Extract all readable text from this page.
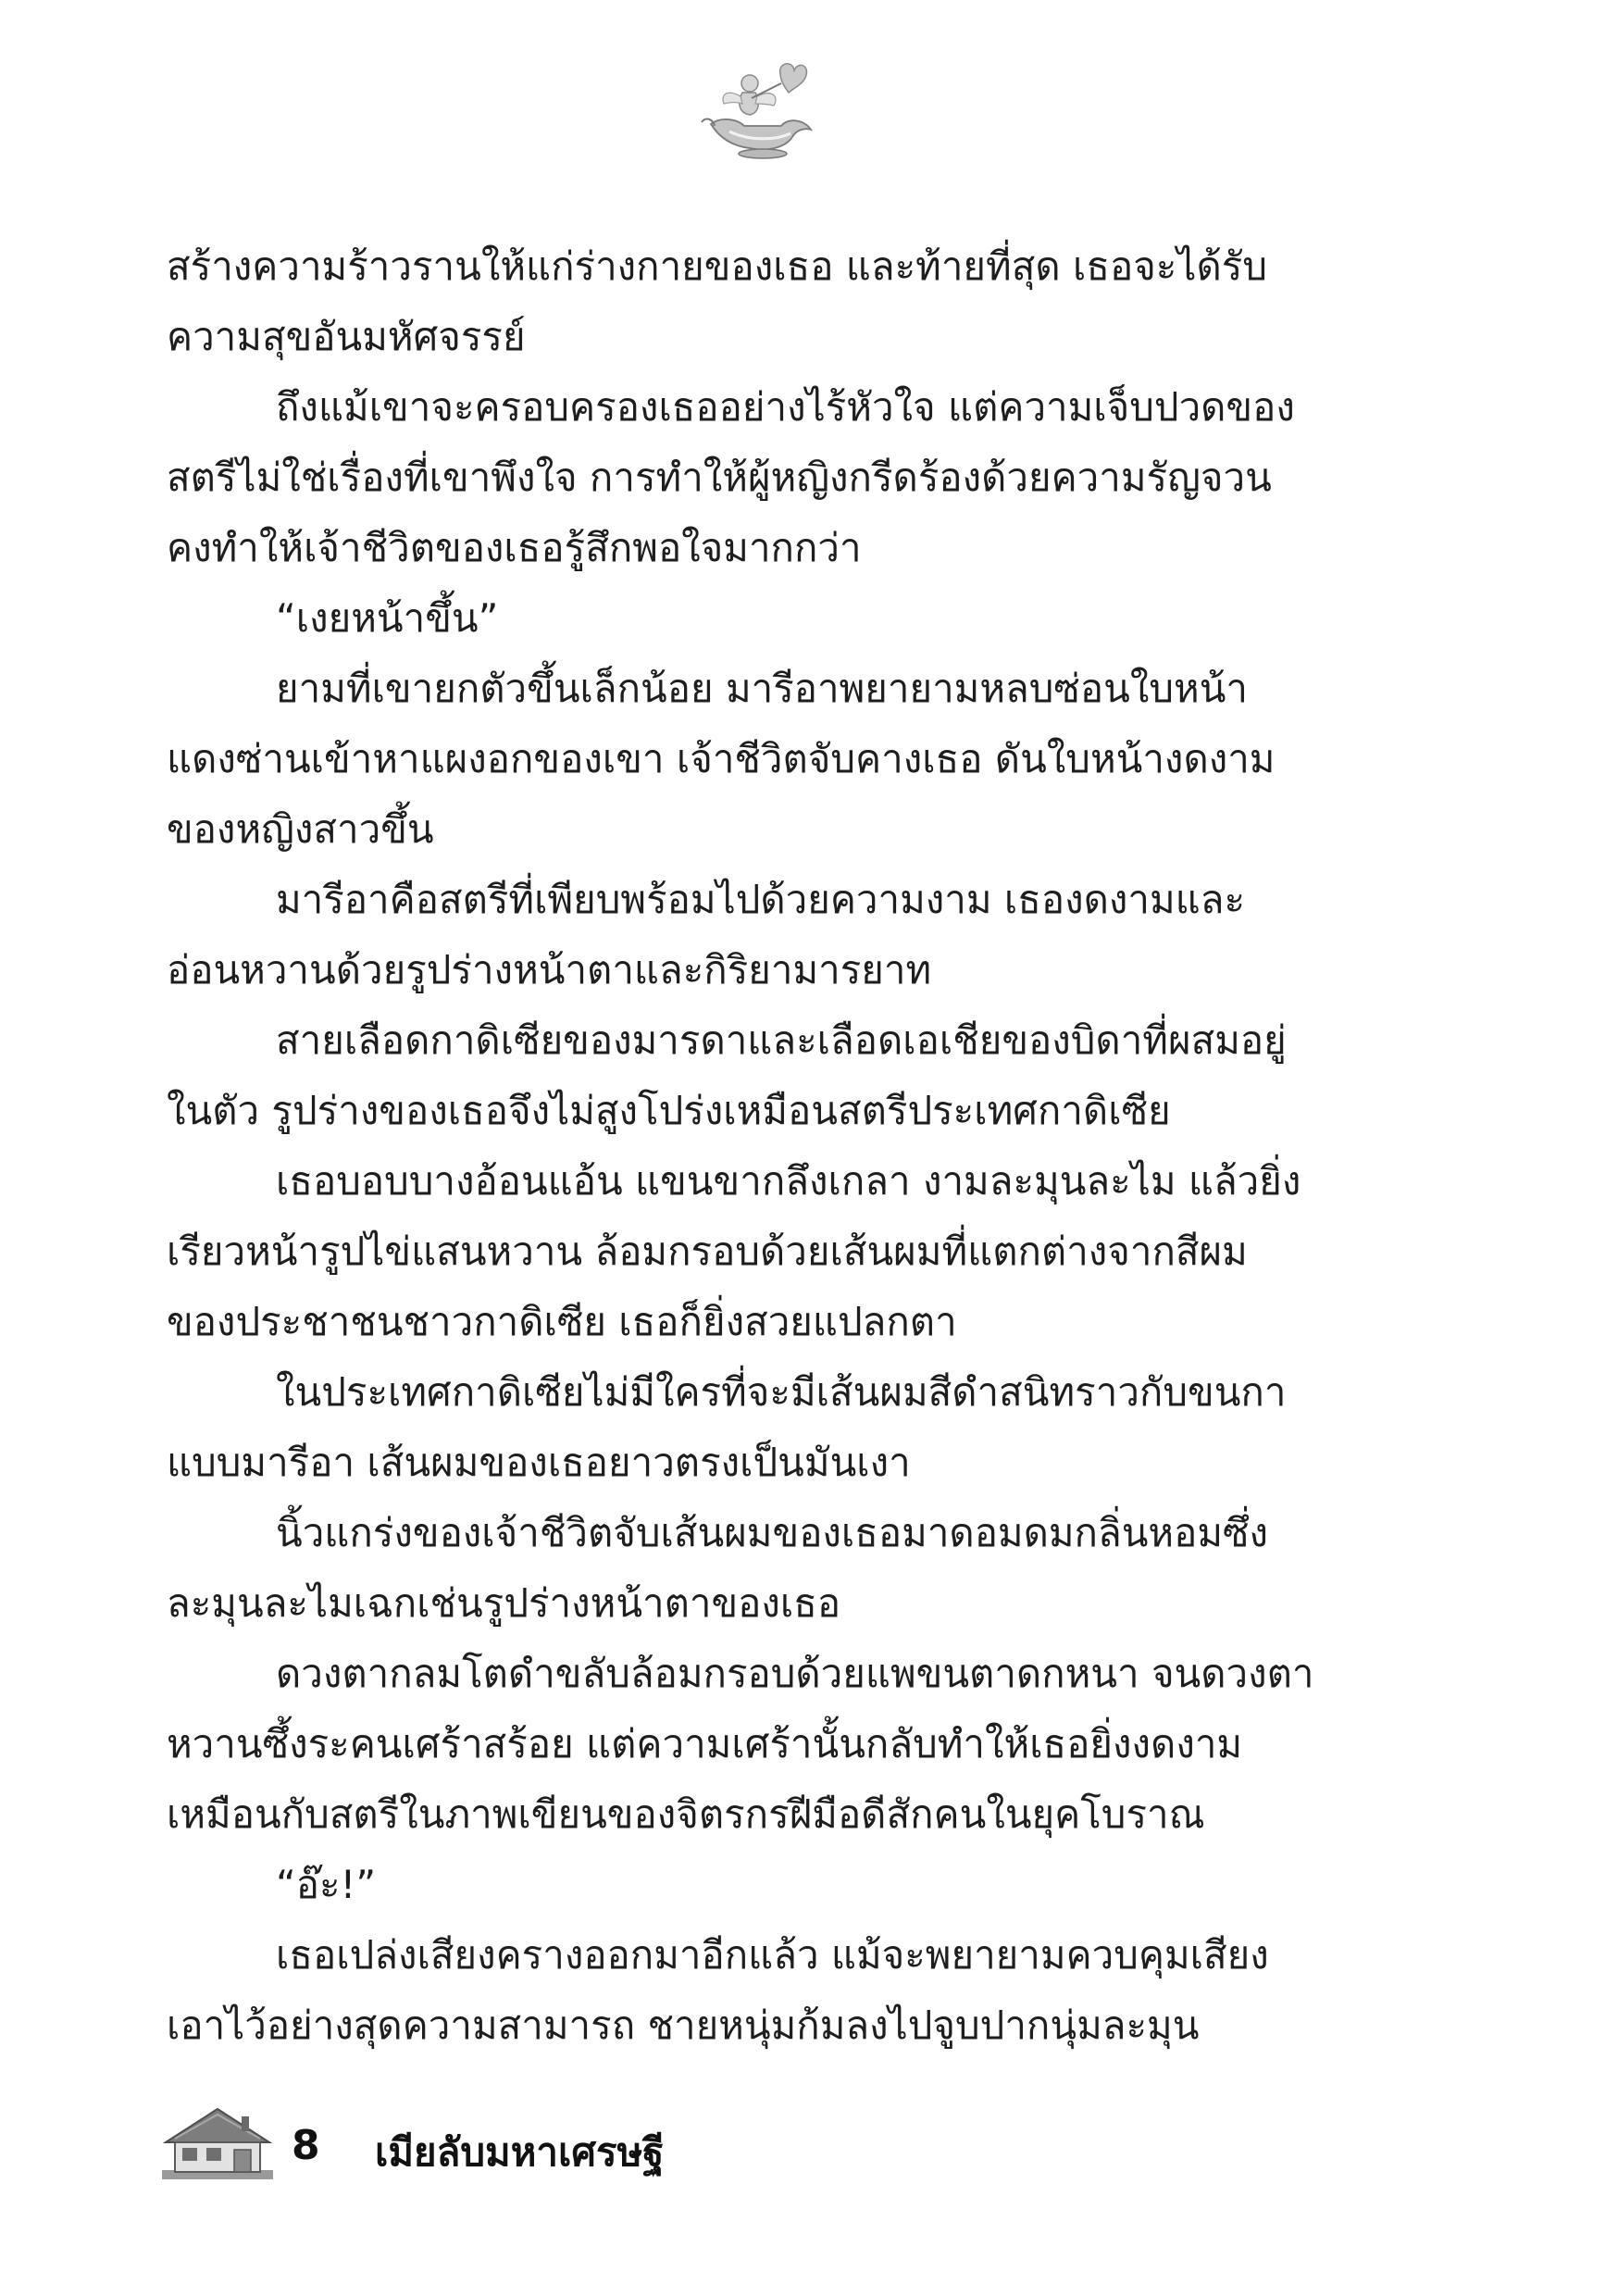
สร้างความร้าวรานให้แก่ร่างกายของเธอ และท้ายที่สุด เธอจะได้รับ
ความสุขอันมหัศจรรย์
ถึงแม้เขาจะครอบครองเธออย่างไร้หัวใจ แต่ความเจ็บปวดของ
สตรีไม่ใช่เรื่องที่เขาพึงใจ การทำให้ผู้หญิงกรีดร้องด้วยความรัญจวน
คงทำให้เจ้าชีวิตของเธอรู้สึกพอใจมากกว่า
“เงยหน้าขึ้น”
ยามที่เขายกตัวขึ้นเล็กน้อย มารีอาพยายามหลบซ่อนใบหน้า
แดงซ่านเข้าหาแผงอกของเขา เจ้าชีวิตจับคางเธอ ดันใบหน้างดงาม
ของหญิงสาวขึ้น
มารีอาคือสตรีที่เพียบพร้อมไปด้วยความงาม เธองดงามและ
อ่อนหวานด้วยรูปร่างหน้าตาและกิริยามารยาท
สายเลือดกาดิเซียของมารดาและเลือดเอเชียของบิดาที่ผสมอยู่
ในตัว รูปร่างของเธอจึงไม่สูงโปร่งเหมือนสตรีประเทศกาดิเซีย
เธอบอบบางอ้อนแอ้น แขนขากลึงเกลา งามละมุนละไม แล้วยิ่ง
เรียวหน้ารูปไข่แสนหวาน ล้อมกรอบด้วยเส้นผมที่แตกต่างจากสีผม
ของประชาชนชาวกาดิเซีย เธอก็ยิ่งสวยแปลกตา
ในประเทศกาดิเซียไม่มีใครที่จะมีเส้นผมสีดำสนิทราวกับขนกา
แบบมารีอา เส้นผมของเธอยาวตรงเป็นมันเงา
นิ้วแกร่งของเจ้าชีวิตจับเส้นผมของเธอมาดอมดมกลิ่นหอมซึ่ง
ละมุนละไมเฉกเช่นรูปร่างหน้าตาของเธอ
ดวงตากลมโตดำขลับล้อมกรอบด้วยแพขนตาดกหนา จนดวงตา
หวานซึ้งระคนเศร้าสร้อย แต่ความเศร้านั้นกลับทำให้เธอยิ่งงดงาม
เหมือนกับสตรีในภาพเขียนของจิตรกรฝีมือดีสักคนในยุคโบราณ
“อ๊ะ!”
เธอเปล่งเสียงครางออกมาอีกแล้ว แม้จะพยายามควบคุมเสียง
เอาไว้อย่างสุดความสามารถ ชายหนุ่มก้มลงไปจูบปากนุ่มละมุน
8 เมียลับมหาเศรษฐี
